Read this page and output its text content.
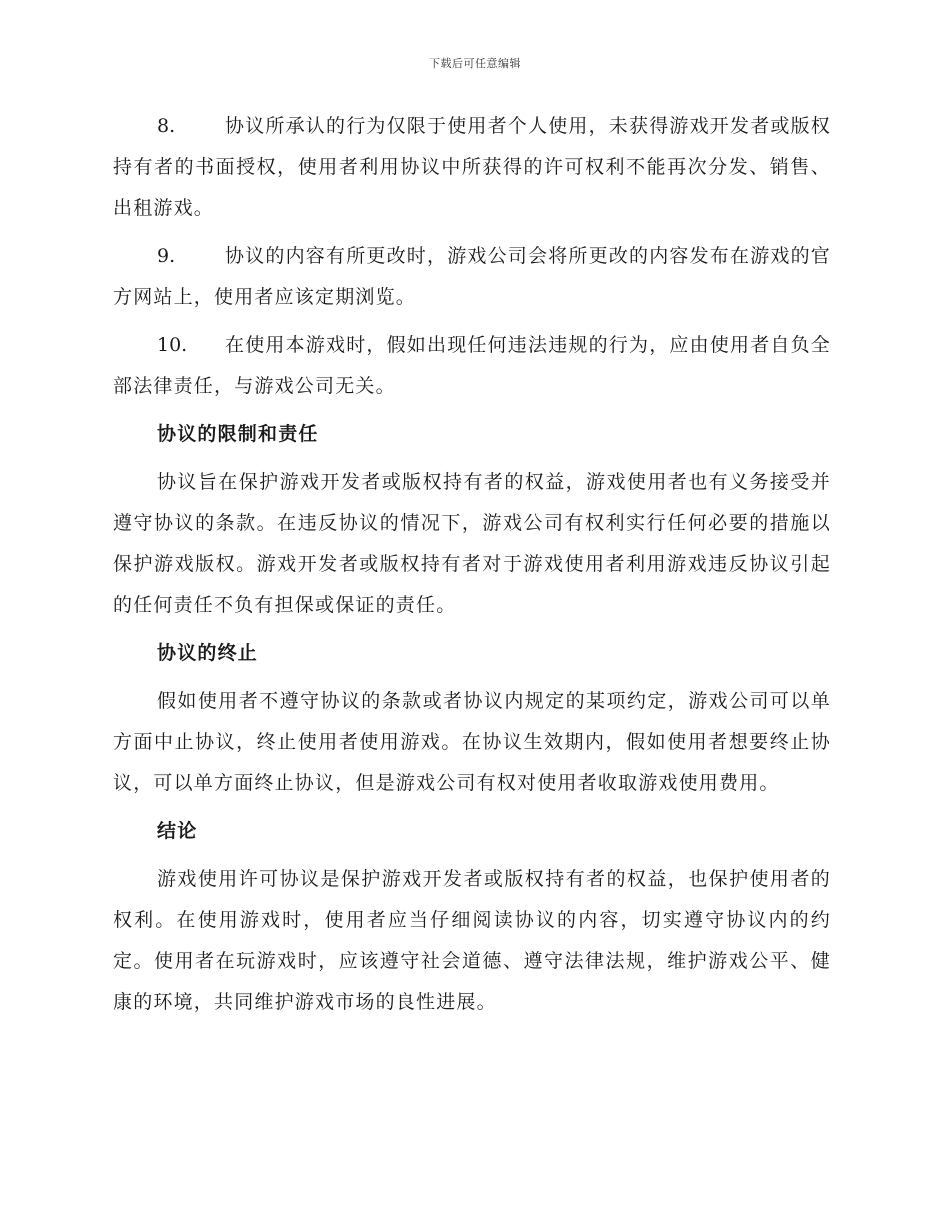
下载后可任意编辑

8.	协议所承认的行为仅限于使用者个人使用，未获得游戏开发者或版权持有者的书面授权，使用者利用协议中所获得的许可权利不能再次分发、销售、出租游戏。

9.	协议的内容有所更改时，游戏公司会将所更改的内容发布在游戏的官方网站上，使用者应该定期浏览。

10. 在使用本游戏时，假如出现任何违法违规的行为，应由使用者自负全部法律责任，与游戏公司无关。

协议的限制和责任

协议旨在保护游戏开发者或版权持有者的权益，游戏使用者也有义务接受并遵守协议的条款。在违反协议的情况下，游戏公司有权利实行任何必要的措施以保护游戏版权。游戏开发者或版权持有者对于游戏使用者利用游戏违反协议引起的任何责任不负有担保或保证的责任。

协议的终止

假如使用者不遵守协议的条款或者协议内规定的某项约定，游戏公司可以单方面中止协议，终止使用者使用游戏。在协议生效期内，假如使用者想要终止协议，可以单方面终止协议，但是游戏公司有权对使用者收取游戏使用费用。

结论

游戏使用许可协议是保护游戏开发者或版权持有者的权益，也保护使用者的权利。在使用游戏时，使用者应当仔细阅读协议的内容，切实遵守协议内的约定。使用者在玩游戏时，应该遵守社会道德、遵守法律法规，维护游戏公平、健康的环境，共同维护游戏市场的良性进展。
